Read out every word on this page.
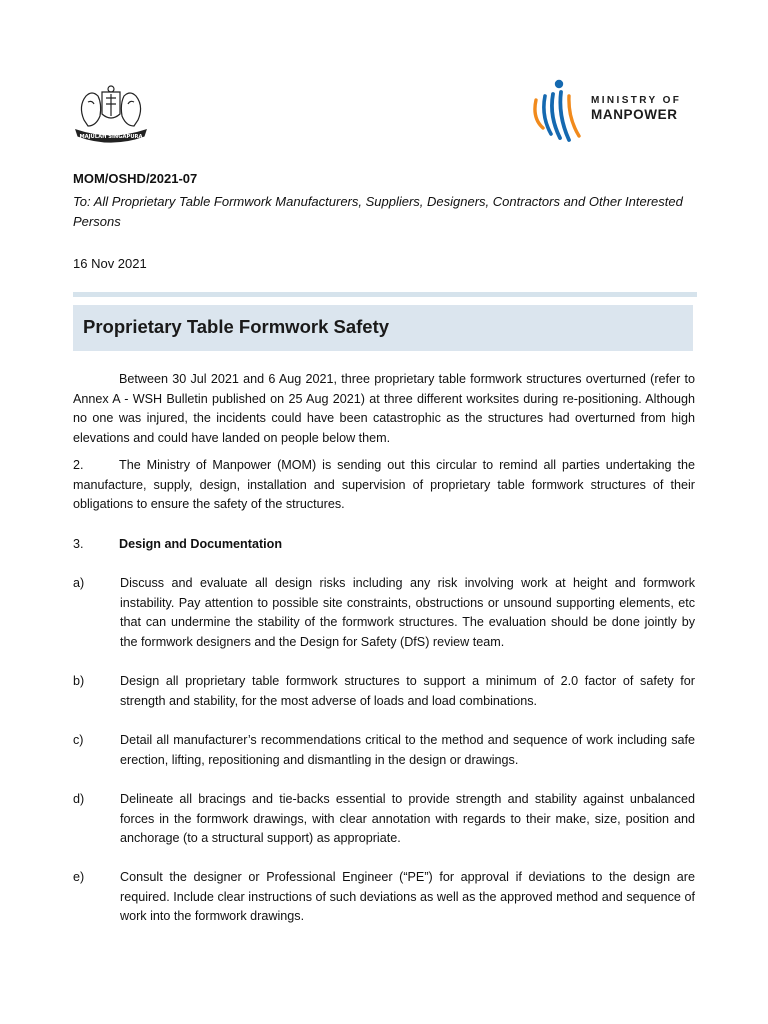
MAJULAH SINGAPURA
MINISTRY OF
MANPOWER
MOM/OSHD/2021-07
To: All Proprietary Table Formwork Manufacturers, Suppliers, Designers, Contractors and Other Interested Persons
16 Nov 2021
Proprietary Table Formwork Safety
Between 30 Jul 2021 and 6 Aug 2021, three proprietary table formwork structures overturned (refer to Annex A - WSH Bulletin published on 25 Aug 2021) at three different worksites during re-positioning. Although no one was injured, the incidents could have been catastrophic as the structures had overturned from high elevations and could have landed on people below them.
2.	The Ministry of Manpower (MOM) is sending out this circular to remind all parties undertaking the manufacture, supply, design, installation and supervision of proprietary table formwork structures of their obligations to ensure the safety of the structures.
3.	Design and Documentation
a)	Discuss and evaluate all design risks including any risk involving work at height and formwork instability. Pay attention to possible site constraints, obstructions or unsound supporting elements, etc that can undermine the stability of the formwork structures. The evaluation should be done jointly by the formwork designers and the Design for Safety (DfS) review team.
b)	Design all proprietary table formwork structures to support a minimum of 2.0 factor of safety for strength and stability, for the most adverse of loads and load combinations.
c)	Detail all manufacturer’s recommendations critical to the method and sequence of work including safe erection, lifting, repositioning and dismantling in the design or drawings.
d)	Delineate all bracings and tie-backs essential to provide strength and stability against unbalanced forces in the formwork drawings, with clear annotation with regards to their make, size, position and anchorage (to a structural support) as appropriate.
e)	Consult the designer or Professional Engineer (“PE”) for approval if deviations to the design are required. Include clear instructions of such deviations as well as the approved method and sequence of work into the formwork drawings.
